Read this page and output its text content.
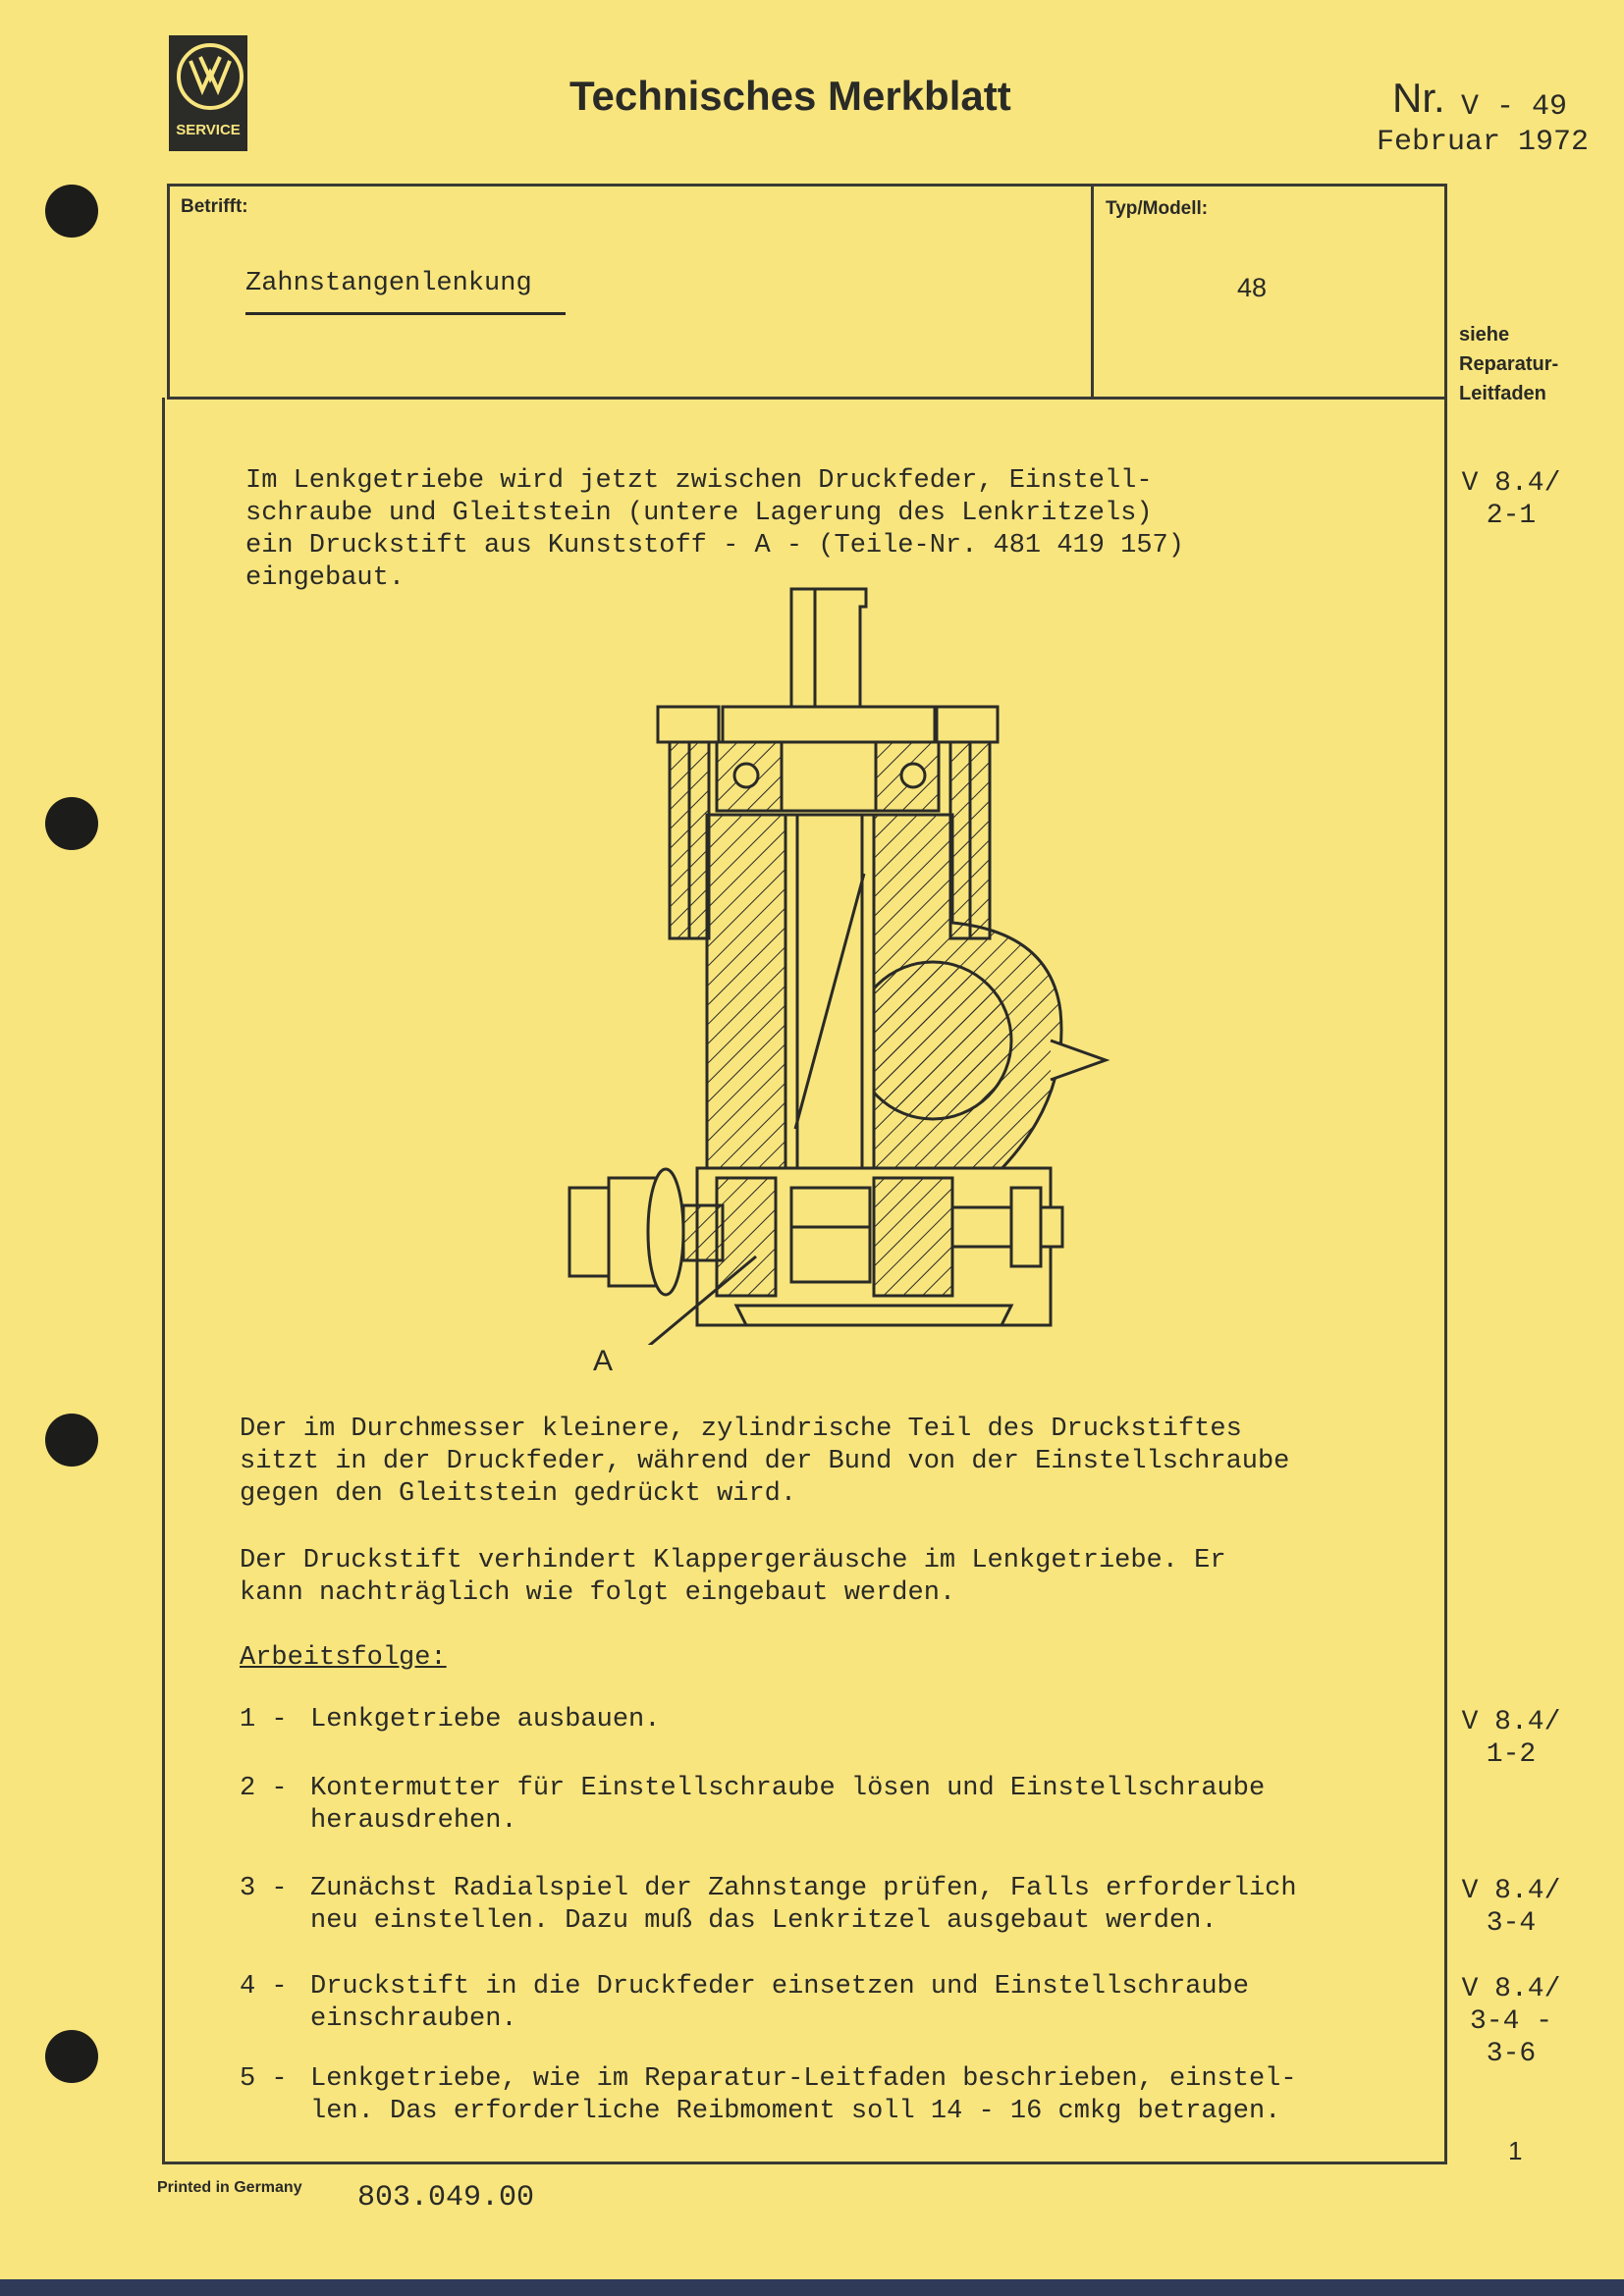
SERVICE
Technisches Merkblatt	Nr. V - 49
Februar 1972
Betrifft:
Zahnstangenlenkung
Typ/Modell:
48
siehe
Reparatur-
Leitfaden
Im Lenkgetriebe wird jetzt zwischen Druckfeder, Einstell-
schraube und Gleitstein (untere Lagerung des Lenkritzels)
ein Druckstift aus Kunststoff - A - (Teile-Nr. 481 419 157)
eingebaut.
V 8.4/
2-1
A
Der im Durchmesser kleinere, zylindrische Teil des Druckstiftes
sitzt in der Druckfeder, während der Bund von der Einstellschraube
gegen den Gleitstein gedrückt wird.
Der Druckstift verhindert Klappergeräusche im Lenkgetriebe. Er
kann nachträglich wie folgt eingebaut werden.
Arbeitsfolge:
1 - Lenkgetriebe ausbauen.
2 - Kontermutter für Einstellschraube lösen und Einstellschraube
herausdrehen.
3 - Zunächst Radialspiel der Zahnstange prüfen, Falls erforderlich
neu einstellen. Dazu muß das Lenkritzel ausgebaut werden.
4 - Druckstift in die Druckfeder einsetzen und Einstellschraube
einschrauben.
5 - Lenkgetriebe, wie im Reparatur-Leitfaden beschrieben, einstel-
len. Das erforderliche Reibmoment soll 14 - 16 cmkg betragen.
V 8.4/
1-2
V 8.4/
3-4
V 8.4/
3-4 -
3-6
Printed in Germany 803.049.00
1
